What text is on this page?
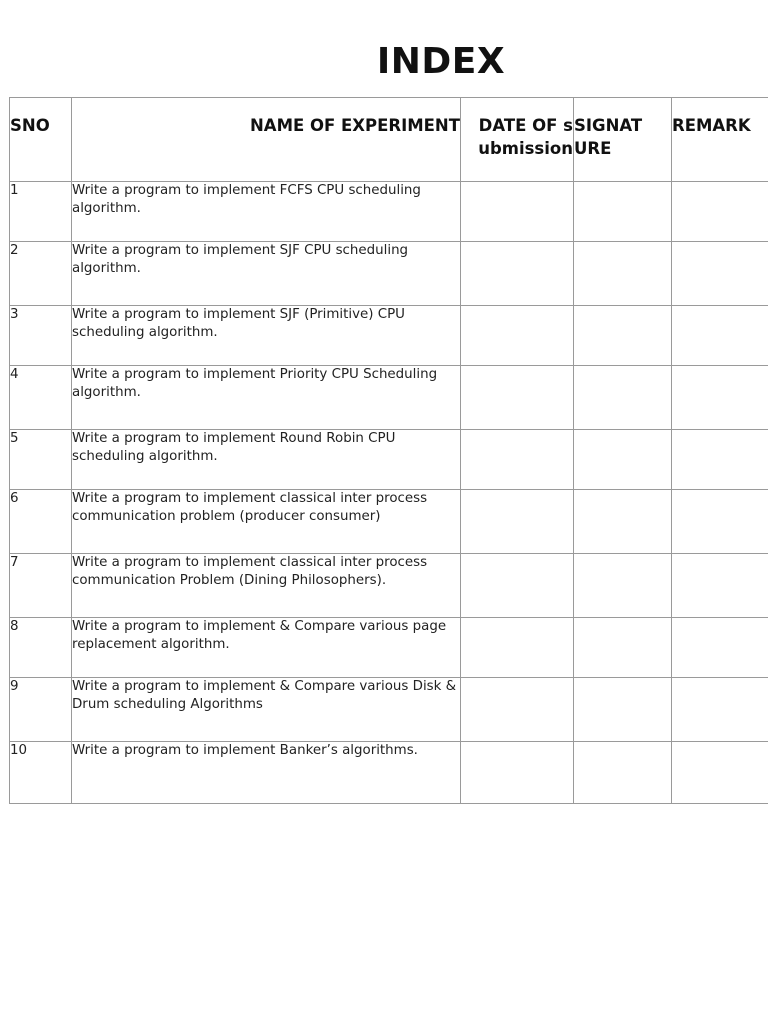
INDEX
SNO	NAME OF EXPERIMENT	DATE OF submission	SIGNAT URE	REMARK
1	Write a program to implement FCFS CPU scheduling algorithm.			
2	Write a program to implement SJF CPU scheduling algorithm.			
3	Write a program to implement SJF (Primitive) CPU scheduling algorithm.			
4	Write a program to implement Priority CPU Scheduling algorithm.			
5	Write a program to implement Round Robin CPU scheduling algorithm.			
6	Write a program to implement classical inter process communication problem (producer consumer)			
7	Write a program to implement classical inter process communication Problem (Dining Philosophers).			
8	Write a program to implement & Compare various page replacement algorithm.			
9	Write a program to implement & Compare various Disk & Drum scheduling Algorithms			
10	Write a program to implement Banker’s algorithms.			
